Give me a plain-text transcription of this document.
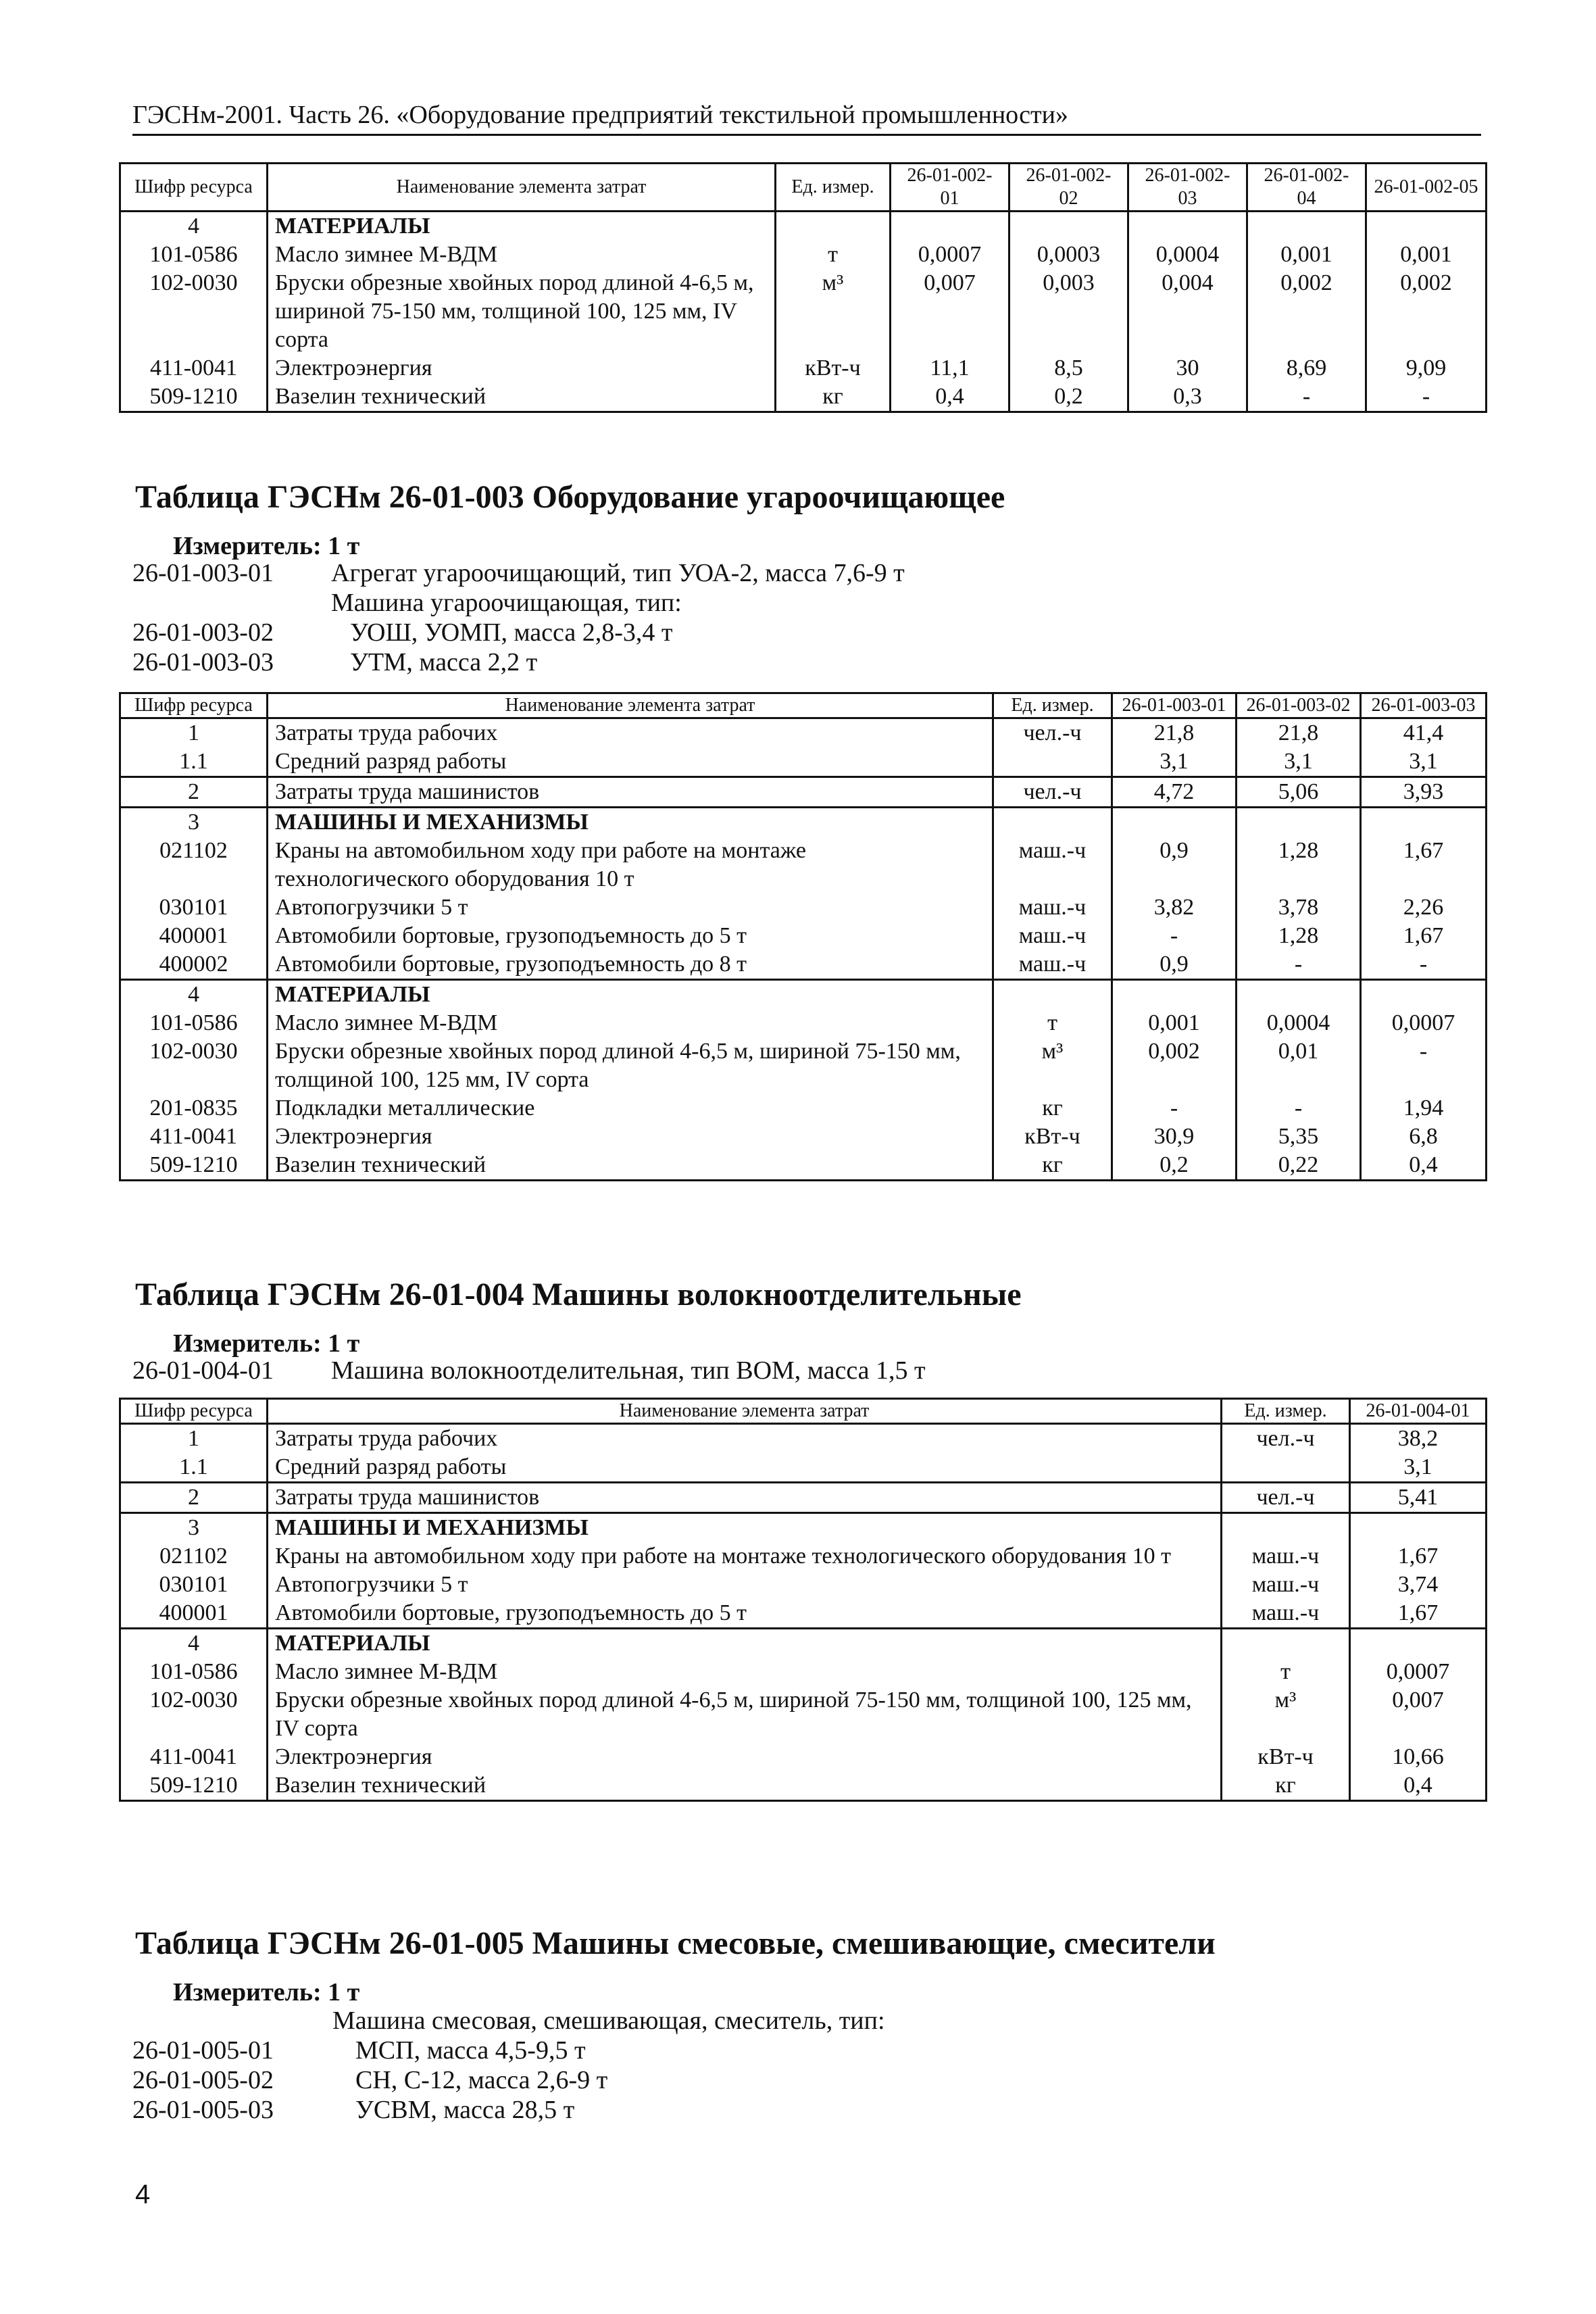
ГЭСНм-2001. Часть 26. «Оборудование предприятий текстильной промышленности»
Шифр ресурса	Наименование элемента затрат	Ед. измер.	26-01-002-01	26-01-002-02	26-01-002-03	26-01-002-04	26-01-002-05
4	МАТЕРИАЛЫ						
101-0586	Масло зимнее М-ВДМ	т	0,0007	0,0003	0,0004	0,001	0,001
102-0030	Бруски обрезные хвойных пород длиной 4-6,5 м, шириной 75-150 мм, толщиной 100, 125 мм, IV сорта	м³	0,007	0,003	0,004	0,002	0,002
411-0041	Электроэнергия	кВт-ч	11,1	8,5	30	8,69	9,09
509-1210	Вазелин технический	кг	0,4	0,2	0,3	-	-
Таблица ГЭСНм 26-01-003 Оборудование угароочищающее
Измеритель: 1 т
26-01-003-01 Агрегат угароочищающий, тип УОА-2, масса 7,6-9 т
Машина угароочищающая, тип:
26-01-003-02	УОШ, УОМП, масса 2,8-3,4 т
26-01-003-03	УТМ, масса 2,2 т
Шифр ресурса	Наименование элемента затрат	Ед. измер.	26-01-003-01	26-01-003-02	26-01-003-03
1	Затраты труда рабочих	чел.-ч	21,8	21,8	41,4
1.1	Средний разряд работы		3,1	3,1	3,1
2	Затраты труда машинистов	чел.-ч	4,72	5,06	3,93
3	МАШИНЫ И МЕХАНИЗМЫ				
021102	Краны на автомобильном ходу при работе на монтаже технологического оборудования 10 т	маш.-ч	0,9	1,28	1,67
030101	Автопогрузчики 5 т	маш.-ч	3,82	3,78	2,26
400001	Автомобили бортовые, грузоподъемность до 5 т	маш.-ч	-	1,28	1,67
400002	Автомобили бортовые, грузоподъемность до 8 т	маш.-ч	0,9	-	-
4	МАТЕРИАЛЫ				
101-0586	Масло зимнее М-ВДМ	т	0,001	0,0004	0,0007
102-0030	Бруски обрезные хвойных пород длиной 4-6,5 м, шириной 75-150 мм, толщиной 100, 125 мм, IV сорта	м³	0,002	0,01	-
201-0835	Подкладки металлические	кг	-	-	1,94
411-0041	Электроэнергия	кВт-ч	30,9	5,35	6,8
509-1210	Вазелин технический	кг	0,2	0,22	0,4
Таблица ГЭСНм 26-01-004 Машины волокноотделительные
Измеритель: 1 т
26-01-004-01 Машина волокноотделительная, тип ВОМ, масса 1,5 т
Шифр ресурса	Наименование элемента затрат	Ед. измер.	26-01-004-01
1	Затраты труда рабочих	чел.-ч	38,2
1.1	Средний разряд работы		3,1
2	Затраты труда машинистов	чел.-ч	5,41
3	МАШИНЫ И МЕХАНИЗМЫ		
021102	Краны на автомобильном ходу при работе на монтаже технологического оборудования 10 т	маш.-ч	1,67
030101	Автопогрузчики 5 т	маш.-ч	3,74
400001	Автомобили бортовые, грузоподъемность до 5 т	маш.-ч	1,67
4	МАТЕРИАЛЫ		
101-0586	Масло зимнее М-ВДМ	т	0,0007
102-0030	Бруски обрезные хвойных пород длиной 4-6,5 м, шириной 75-150 мм, толщиной 100, 125 мм, IV сорта	м³	0,007
411-0041	Электроэнергия	кВт-ч	10,66
509-1210	Вазелин технический	кг	0,4
Таблица ГЭСНм 26-01-005 Машины смесовые, смешивающие, смесители
Измеритель: 1 т
Машина смесовая, смешивающая, смеситель, тип:
26-01-005-01	МСП, масса 4,5-9,5 т
26-01-005-02	СН, С-12, масса 2,6-9 т
26-01-005-03	УСВМ, масса 28,5 т
4
